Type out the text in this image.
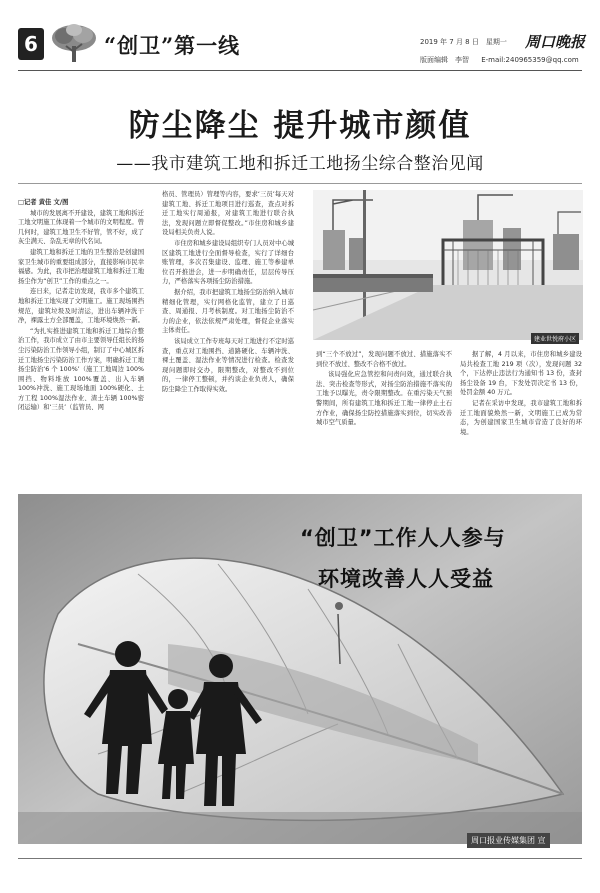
6	“创卫”第一线	2019 年 7 月 8 日　星期一
版面编辑　李智 E-mail:240965359@qq.com
周口晚报
防尘降尘 提升城市颜值
——我市建筑工地和拆迁工地扬尘综合整治见闻

□记者 黄佳 文/图

城市的发展离不开建设，建筑工地和拆迁工地文明施工体现着一个城市的文明程度。曾几何时，建筑工地卫生不好管，管不好，成了灰尘满天、杂乱无章的代名词。

建筑工地和拆迁工地的卫生整治是创建国家卫生城市的重要组成部分，直接影响市民幸福感。为此，我市把治理建筑工地和拆迁工地扬尘作为“创卫”工作的重点之一。

连日来，记者走访发现，我市多个建筑工地和拆迁工地实现了文明施工。施工现场围挡规范，建筑垃圾及时清运，进出车辆冲洗干净，裸露土方全部覆盖，工地环境焕然一新。

“为扎实推进建筑工地和拆迁工地综合整治工作，我市成立了由市主要领导任组长的扬尘污染防治工作领导小组，制订了中心城区拆迁工地扬尘污染防治工作方案，明确拆迁工地扬尘防治‘6 个 100%’（施工工地周边 100%围挡、物料堆放 100%覆盖、出入车辆 100%冲洗、施工现场地面 100%硬化、土方工程 100%湿法作业、渣土车辆 100%密闭运输）和‘三员’（监管员、网

格员、管理员）管理等内容，要求‘三员’每天对建筑工地、拆迁工地项目进行巡查，查点对拆迁工地实行周通报，对建筑工地进行联合执法，发现问题立即督促整改。”市住房和城乡建设局相关负责人说。

市住房和城乡建设局组织专门人员对中心城区建筑工地进行全面督导检查，实行了详细台账管理，多次召集建设、监理、施工等参建单位召开推进会，进一步明确责任，层层传导压力，严格落实各项扬尘防治措施。

据介绍，我市把建筑工地扬尘防治纳入城市精细化管理，实行网格化监管，建立了日巡查、周通报、月考核制度。对工地扬尘防治不力的企业，依法依规严肃处理，督促企业落实主体责任。

该局成立工作专班每天对工地进行不定时巡查，重点对工地围挡、道路硬化、车辆冲洗、裸土覆盖、湿法作业等情况进行检查。检查发现问题即时交办，限期整改，对整改不到位的，一律停工整顿，并约谈企业负责人，确保防尘降尘工作取得实效。

建业世悦府小区

到“三个不放过”，发现问题不放过、措施落实不到位不放过、整改不合格不放过。

该局强化应急管控和问责问效，通过联合执法、突击检查等形式，对扬尘防治措施不落实的工地予以曝光，责令限期整改。在重污染天气预警期间，所有建筑工地和拆迁工地一律停止土石方作业，确保扬尘防控措施落实到位，切实改善城市空气质量。

据了解，4 月以来，市住房和城乡建设局共检查工地 219 项（次），发现问题 32 个，下达停止违法行为通知书 13 份，查封扬尘设备 19 台，下发处罚决定书 13 份，处罚金额 40 万元。

记者在采访中发现，我市建筑工地和拆迁工地面貌焕然一新，文明施工已成为常态，为创建国家卫生城市营造了良好的环境。

“创卫”工作人人参与
环境改善人人受益
周口报业传媒集团 宣
